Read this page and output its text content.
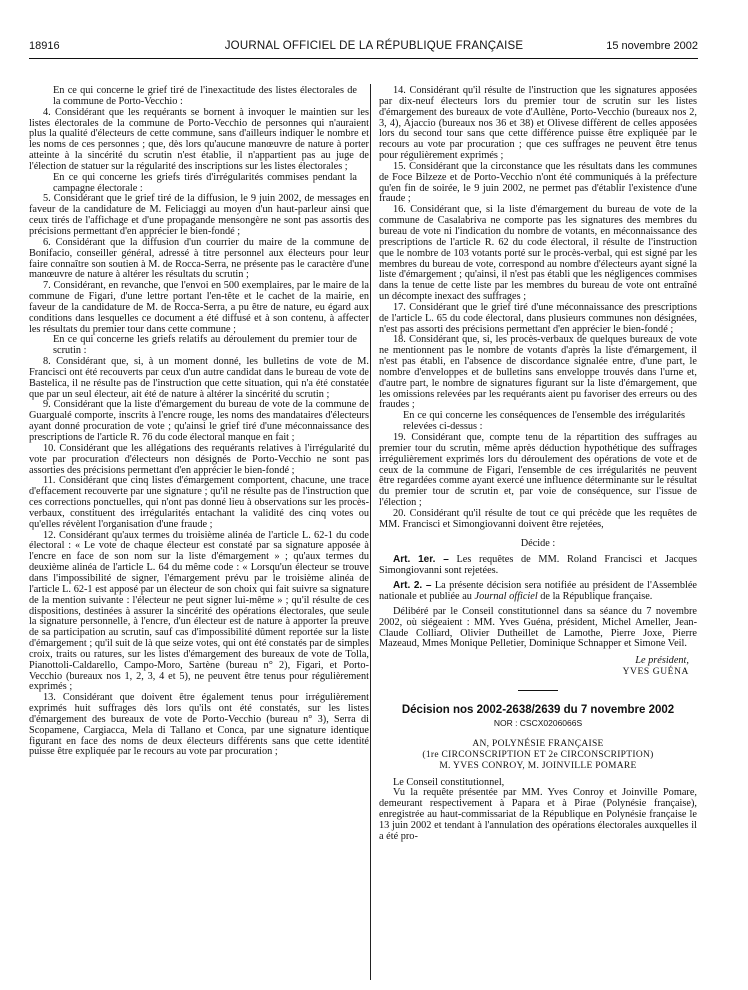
18916	JOURNAL OFFICIEL DE LA RÉPUBLIQUE FRANÇAISE	15 novembre 2002

En ce qui concerne le grief tiré de l'inexactitude des listes électorales de la commune de Porto-Vecchio :

4. Considérant que les requérants se bornent à invoquer le maintien sur les listes électorales de la commune de Porto-Vecchio de personnes qui n'auraient plus la qualité d'électeurs de cette commune, sans d'ailleurs indiquer le nombre et les noms de ces personnes ; que, dès lors qu'aucune manœuvre de nature à porter atteinte à la sincérité du scrutin n'est établie, il n'appartient pas au juge de l'élection de statuer sur la régularité des inscriptions sur les listes électorales ;

En ce qui concerne les griefs tirés d'irrégularités commises pendant la campagne électorale :

5. Considérant que le grief tiré de la diffusion, le 9 juin 2002, de messages en faveur de la candidature de M. Feliciaggi au moyen d'un haut-parleur ainsi que ceux tirés de l'affichage et d'une propagande mensongère ne sont pas assortis des précisions permettant d'en apprécier le bien-fondé ;

6. Considérant que la diffusion d'un courrier du maire de la commune de Bonifacio, conseiller général, adressé à titre personnel aux électeurs pour leur faire connaître son soutien à M. de Rocca-Serra, ne présente pas le caractère d'une manœuvre de nature à altérer les résultats du scrutin ;

7. Considérant, en revanche, que l'envoi en 500 exemplaires, par le maire de la commune de Figari, d'une lettre portant l'en-tête et le cachet de la mairie, en faveur de la candidature de M. de Rocca-Serra, a pu être de nature, eu égard aux conditions dans lesquelles ce document a été diffusé et à son contenu, à affecter les résultats du premier tour dans cette commune ;

En ce qui concerne les griefs relatifs au déroulement du premier tour de scrutin :

8. Considérant que, si, à un moment donné, les bulletins de vote de M. Francisci ont été recouverts par ceux d'un autre candidat dans le bureau de vote de Bastelica, il ne résulte pas de l'instruction que cette situation, qui n'a été constatée que par un seul électeur, ait été de nature à altérer la sincérité du scrutin ;

9. Considérant que la liste d'émargement du bureau de vote de la commune de Guargualé comporte, inscrits à l'encre rouge, les noms des mandataires d'électeurs ayant donné procuration de vote ; qu'ainsi le grief tiré d'une méconnaissance des prescriptions de l'article R. 76 du code électoral manque en fait ;

10. Considérant que les allégations des requérants relatives à l'irrégularité du vote par procuration d'électeurs non désignés de Porto-Vecchio ne sont pas assorties des précisions permettant d'en apprécier le bien-fondé ;

11. Considérant que cinq listes d'émargement comportent, chacune, une trace d'effacement recouverte par une signature ; qu'il ne résulte pas de l'instruction que ces corrections ponctuelles, qui n'ont pas donné lieu à observations sur les procès-verbaux, constituent des irrégularités entachant la validité des cinq votes ou qu'elles révèlent l'organisation d'une fraude ;

12. Considérant qu'aux termes du troisième alinéa de l'article L. 62-1 du code électoral : « Le vote de chaque électeur est constaté par sa signature apposée à l'encre en face de son nom sur la liste d'émargement » ; qu'aux termes du deuxième alinéa de l'article L. 64 du même code : « Lorsqu'un électeur se trouve dans l'impossibilité de signer, l'émargement prévu par le troisième alinéa de l'article L. 62-1 est apposé par un électeur de son choix qui fait suivre sa signature de la mention suivante : l'électeur ne peut signer lui-même » ; qu'il résulte de ces dispositions, destinées à assurer la sincérité des opérations électorales, que seule la signature personnelle, à l'encre, d'un électeur est de nature à apporter la preuve de sa participation au scrutin, sauf cas d'impossibilité dûment reportée sur la liste d'émargement ; qu'il suit de là que seize votes, qui ont été constatés par de simples croix, traits ou ratures, sur les listes d'émargement des bureaux de vote de Tolla, Pianottoli-Caldarello, Campo-Moro, Sartène (bureau n° 2), Figari, et Porto-Vecchio (bureaux nos 1, 2, 3, 4 et 5), ne peuvent être tenus pour régulièrement exprimés ;

13. Considérant que doivent être également tenus pour irrégulièrement exprimés huit suffrages dès lors qu'ils ont été constatés, sur les listes d'émargement des bureaux de vote de Porto-Vecchio (bureau n° 3), Serra di Scopamene, Cargiacca, Mela di Tallano et Conca, par une signature identique figurant en face des noms de deux électeurs différents sans que cette identité puisse être expliquée par le recours au vote par procuration ;

14. Considérant qu'il résulte de l'instruction que les signatures apposées par dix-neuf électeurs lors du premier tour de scrutin sur les listes d'émargement des bureaux de vote d'Aullène, Porto-Vecchio (bureaux nos 2, 3, 4), Ajaccio (bureaux nos 36 et 38) et Olivese diffèrent de celles apposées lors du second tour sans que cette différence puisse être expliquée par le recours au vote par procuration ; que ces suffrages ne peuvent être tenus pour régulièrement exprimés ;

15. Considérant que la circonstance que les résultats dans les communes de Foce Bilzeze et de Porto-Vecchio n'ont été communiqués à la préfecture qu'en fin de soirée, le 9 juin 2002, ne permet pas d'établir l'existence d'une fraude ;

16. Considérant que, si la liste d'émargement du bureau de vote de la commune de Casalabriva ne comporte pas les signatures des membres du bureau de vote ni l'indication du nombre de votants, en méconnaissance des prescriptions de l'article R. 62 du code électoral, il résulte de l'instruction que le nombre de 103 votants porté sur le procès-verbal, qui est signé par les membres du bureau de vote, correspond au nombre d'électeurs ayant signé la liste d'émargement ; qu'ainsi, il n'est pas établi que les négligences commises dans la tenue de cette liste par les membres du bureau de vote ont entraîné un décompte inexact des suffrages ;

17. Considérant que le grief tiré d'une méconnaissance des prescriptions de l'article L. 65 du code électoral, dans plusieurs communes non désignées, n'est pas assorti des précisions permettant d'en apprécier le bien-fondé ;

18. Considérant que, si, les procès-verbaux de quelques bureaux de vote ne mentionnent pas le nombre de votants d'après la liste d'émargement, il n'est pas établi, en l'absence de discordance signalée entre, d'une part, le nombre d'enveloppes et de bulletins sans enveloppe trouvés dans l'urne et, d'autre part, le nombre de signatures figurant sur la liste d'émargement, que les omissions relevées par les requérants aient pu favoriser des erreurs ou des fraudes ;

En ce qui concerne les conséquences de l'ensemble des irrégularités relevées ci-dessus :

19. Considérant que, compte tenu de la répartition des suffrages au premier tour du scrutin, même après déduction hypothétique des suffrages irrégulièrement exprimés lors du déroulement des opérations de vote et de ceux de la commune de Figari, l'ensemble de ces irrégularités ne peuvent être regardées comme ayant exercé une influence déterminante sur le résultat du premier tour de scrutin et, par voie de conséquence, sur l'issue de l'élection ;

20. Considérant qu'il résulte de tout ce qui précède que les requêtes de MM. Francisci et Simongiovanni doivent être rejetées,

Décide :

Art. 1er. – Les requêtes de MM. Roland Francisci et Jacques Simongiovanni sont rejetées.

Art. 2. – La présente décision sera notifiée au président de l'Assemblée nationale et publiée au Journal officiel de la République française.

Délibéré par le Conseil constitutionnel dans sa séance du 7 novembre 2002, où siégeaient : MM. Yves Guéna, président, Michel Ameller, Jean-Claude Colliard, Olivier Dutheillet de Lamothe, Pierre Joxe, Pierre Mazeaud, Mmes Monique Pelletier, Dominique Schnapper et Simone Veil.

Le président,
YVES GUÉNA
Décision nos 2002-2638/2639 du 7 novembre 2002
NOR : CSCX0206066S
AN, POLYNÉSIE FRANÇAISE
(1re CIRCONSCRIPTION ET 2e CIRCONSCRIPTION)
M. YVES CONROY, M. JOINVILLE POMARE

Le Conseil constitutionnel,

Vu la requête présentée par MM. Yves Conroy et Joinville Pomare, demeurant respectivement à Papara et à Pirae (Polynésie française), enregistrée au haut-commissariat de la République en Polynésie française le 13 juin 2002 et tendant à l'annulation des opérations électorales auxquelles il a été pro-
